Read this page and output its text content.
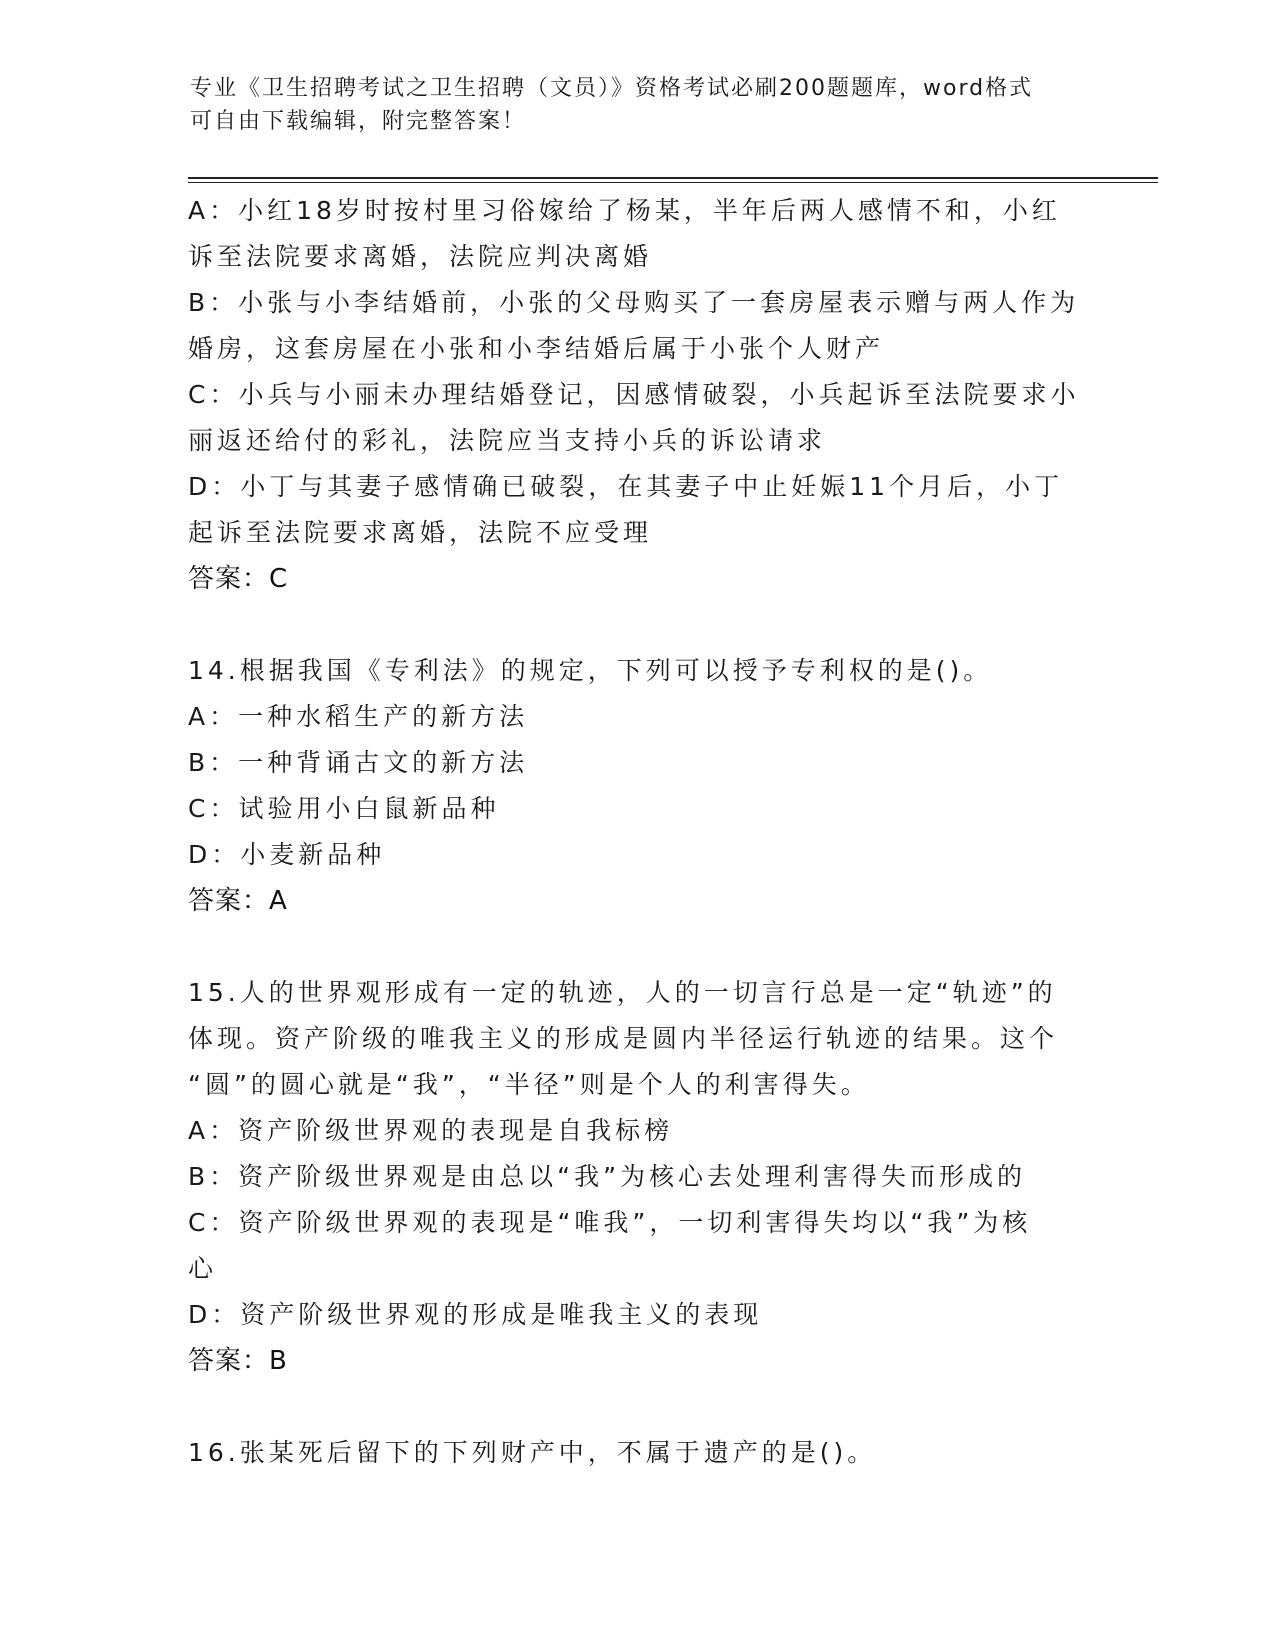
专业《卫生招聘考试之卫生招聘（文员）》资格考试必刷200题题库，word格式
可自由下载编辑，附完整答案！
A：小红18岁时按村里习俗嫁给了杨某，半年后两人感情不和，小红
诉至法院要求离婚，法院应判决离婚
B：小张与小李结婚前，小张的父母购买了一套房屋表示赠与两人作为
婚房，这套房屋在小张和小李结婚后属于小张个人财产
C：小兵与小丽未办理结婚登记，因感情破裂，小兵起诉至法院要求小
丽返还给付的彩礼，法院应当支持小兵的诉讼请求
D：小丁与其妻子感情确已破裂，在其妻子中止妊娠11个月后，小丁
起诉至法院要求离婚，法院不应受理
答案：C
14.根据我国《专利法》的规定，下列可以授予专利权的是()。
A：一种水稻生产的新方法
B：一种背诵古文的新方法
C：试验用小白鼠新品种
D：小麦新品种
答案：A
15.人的世界观形成有一定的轨迹，人的一切言行总是一定“轨迹”的
体现。资产阶级的唯我主义的形成是圆内半径运行轨迹的结果。这个
“圆”的圆心就是“我”，“半径”则是个人的利害得失。
A：资产阶级世界观的表现是自我标榜
B：资产阶级世界观是由总以“我”为核心去处理利害得失而形成的
C：资产阶级世界观的表现是“唯我”，一切利害得失均以“我”为核
心
D：资产阶级世界观的形成是唯我主义的表现
答案：B
16.张某死后留下的下列财产中，不属于遗产的是()。
